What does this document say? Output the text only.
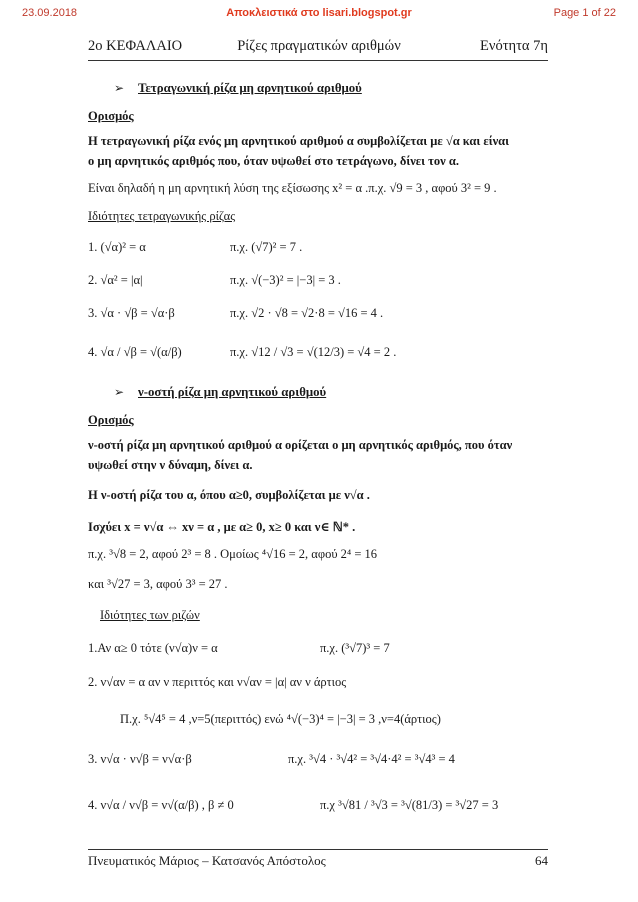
23.09.2018	Αποκλειστικά στο lisari.blogspot.gr	Page 1 of 22
2ο ΚΕΦΑΛΑΙΟ	Ρίζες πραγματικών αριθμών	Ενότητα 7η
➢ Τετραγωνική ρίζα μη αρνητικού αριθμού
Ορισμός
Η τετραγωνική ρίζα ενός μη αρνητικού αριθμού α συμβολίζεται με √α και είναι
ο μη αρνητικός αριθμός που, όταν υψωθεί στο τετράγωνο, δίνει τον α.
Είναι δηλαδή η μη αρνητική λύση της εξίσωσης x² = α .π.χ. √9 = 3 , αφού 3² = 9 .
Ιδιότητες τετραγωνικής ρίζας
1. (√α)² = α	π.χ. (√7)² = 7 .
2. √α² = |α|	π.χ. √(−3)² = |−3| = 3 .
3. √α · √β = √α·β	π.χ. √2 · √8 = √2·8 = √16 = 4 .
4. √α / √β = √(α/β)	π.χ. √12 / √3 = √(12/3) = √4 = 2 .
➢ ν-οστή ρίζα μη αρνητικού αριθμού
Ορισμός
ν-οστή ρίζα μη αρνητικού αριθμού α ορίζεται ο μη αρνητικός αριθμός, που όταν
υψωθεί στην ν δύναμη, δίνει α.
Η ν-οστή ρίζα του α, όπου α≥0, συμβολίζεται με ν√α .
Ισχύει x = ν√α ⇔ xν = α , με α≥ 0, x≥ 0 και ν∈ ℕ* .
π.χ. ³√8 = 2, αφού 2³ = 8 . Ομοίως ⁴√16 = 2, αφού 2⁴ = 16
και ³√27 = 3, αφού 3³ = 27 .
Ιδιότητες των ριζών
1.Αν α≥ 0 τότε (ν√α)ν = α	π.χ. (³√7)³ = 7
2. ν√αν = α αν ν περιττός και ν√αν = |α| αν ν άρτιος
Π.χ. ⁵√4⁵ = 4 ,ν=5(περιττός) ενώ ⁴√(−3)⁴ = |−3| = 3 ,ν=4(άρτιος)
3. ν√α · ν√β = ν√α·β	π.χ. ³√4 · ³√4² = ³√4·4² = ³√4³ = 4
4. ν√α / ν√β = ν√(α/β) , β ≠ 0	π.χ ³√81 / ³√3 = ³√(81/3) = ³√27 = 3
Πνευματικός Μάριος – Κατσανός Απόστολος	64
